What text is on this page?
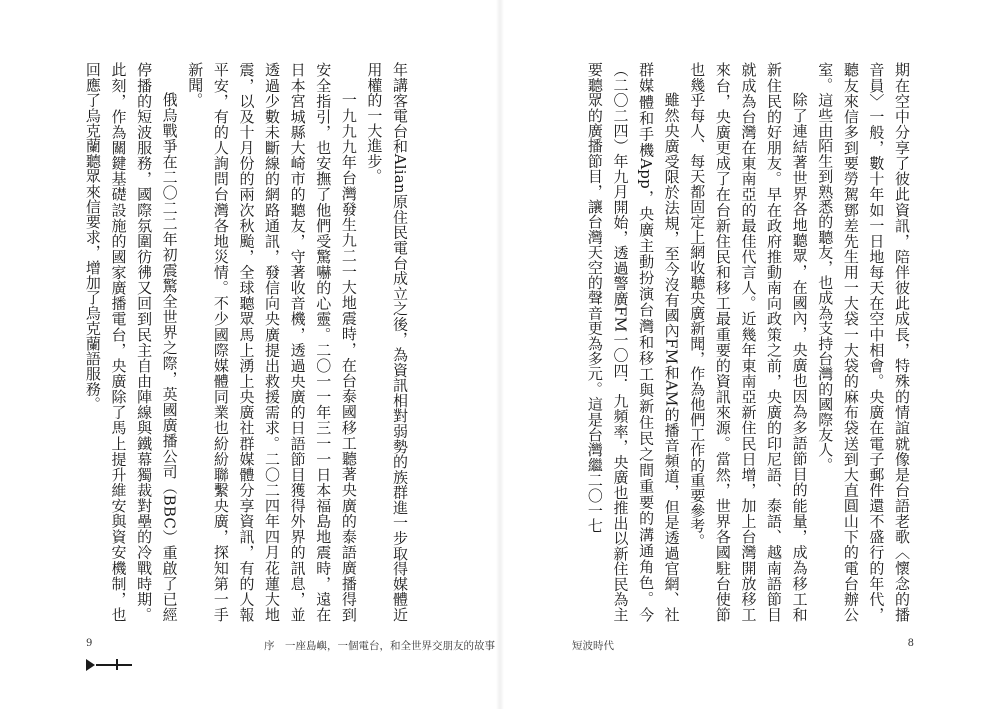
年講客電台和Alian原住民電台成立之後，為資訊相對弱勢的族群進一步取得媒體近用權的一大進步。

一九九九年台灣發生九二一大地震時，在台泰國移工聽著央廣的泰語廣播得到安全指引，也安撫了他們受驚嚇的心靈。二〇一一年三一一日本福島地震時，遠在日本宮城縣大崎市的聽友，守著收音機，透過央廣的日語節目獲得外界的訊息，並透過少數未斷線的網路通訊，發信向央廣提出救援需求。二〇二四年四月花蓮大地震，以及十月份的兩次秋颱，全球聽眾馬上湧上央廣社群媒體分享資訊，有的人報平安，有的人詢問台灣各地災情。不少國際媒體同業也紛紛聯繫央廣，探知第一手新聞。

俄烏戰爭在二〇二二年初震驚全世界之際，英國廣播公司（BBC）重啟了已經停播的短波服務，國際氛圍彷彿又回到民主自由陣線與鐵幕獨裁對壘的冷戰時期。此刻，作為關鍵基礎設施的國家廣播電台，央廣除了馬上提升維安與資安機制，也回應了烏克蘭聽眾來信要求，增加了烏克蘭語服務。

9	序　一座島嶼，一個電台，和全世界交朋友的故事

期在空中分享了彼此資訊，陪伴彼此成長，特殊的情誼就像是台語老歌〈懷念的播音員〉一般，數十年如一日地每天在空中相會。央廣在電子郵件還不盛行的年代，聽友來信多到要勞駕鄧差先生用一大袋一大袋的麻布袋送到大直圓山下的電台辦公室。這些由陌生到熟悉的聽友，也成為支持台灣的國際友人。

除了連結著世界各地聽眾，在國內，央廣也因為多語節目的能量，成為移工和新住民的好朋友。早在政府推動南向政策之前，央廣的印尼語、泰語、越南語節目就成為台灣在東南亞的最佳代言人。近幾年東南亞新住民日增，加上台灣開放移工來台，央廣更成了在台新住民和移工最重要的資訊來源。當然，世界各國駐台使節也幾乎每人、每天都固定上網收聽央廣新聞，作為他們工作的重要參考。

雖然央廣受限於法規，至今沒有國內FM和AM的播音頻道，但是透過官網、社群媒體和手機App，央廣主動扮演台灣和移工與新住民之間重要的溝通角色。今（二〇二四）年九月開始，透過警廣FM一〇四．九頻率，央廣也推出以新住民為主要聽眾的廣播節目，讓台灣天空的聲音更為多元。這是台灣繼二〇一七

短波時代	8
